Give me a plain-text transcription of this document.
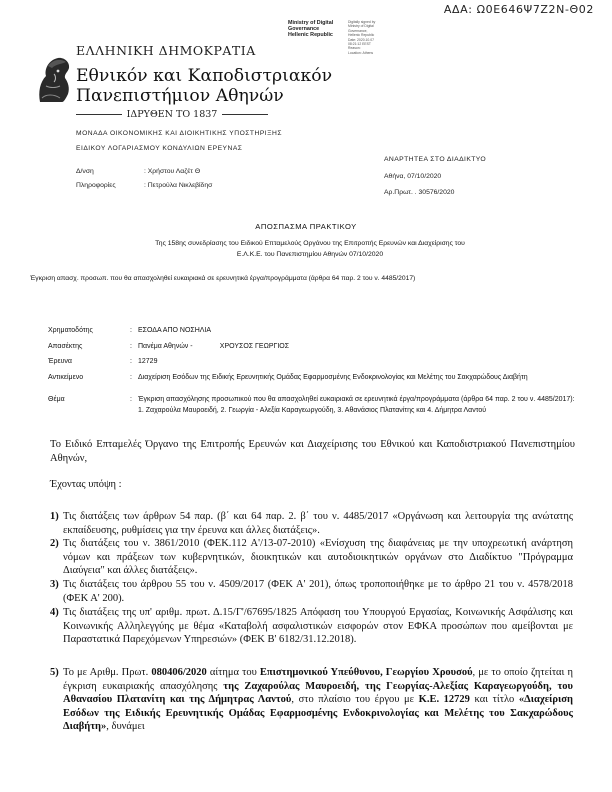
ΑΔΑ: Ω0Ε646Ψ7Ζ2Ν-Θ02
Ministry of Digital
Governance
Hellenic Republic
Digitally signed by
Ministry of Digital
Governance,
Hellenic Republic
Date: 2020.10.07
08:21:12 EEST
Reason:
Location: Athens
ΕΛΛΗΝΙΚΗ ΔΗΜΟΚΡΑΤΙΑ
Εθνικόν και Καποδιστριακόν
Πανεπιστήμιον Αθηνών
ΙΔΡΥΘΕΝ ΤΟ 1837
ΜΟΝΑΔΑ ΟΙΚΟΝΟΜΙΚΗΣ ΚΑΙ ΔΙΟΙΚΗΤΙΚΗΣ ΥΠΟΣΤΗΡΙΞΗΣ
ΕΙΔΙΚΟΥ ΛΟΓΑΡΙΑΣΜΟΥ ΚΟΝΔΥΛΙΩΝ ΕΡΕΥΝΑΣ
ΑΝΑΡΤΗΤΕΑ ΣΤΟ ΔΙΑΔΙΚΤΥΟ
Αθήνα, 07/10/2020
Αρ.Πρωτ. . 30576/2020
Δ/νση	: Χρήστου Λαζέτ Θ
Πληροφορίες	: Πετρούλα Νικλεβίδησ
ΑΠΟΣΠΑΣΜΑ ΠΡΑΚΤΙΚΟΥ
Της 158ης συνεδρίασης του Ειδικού Επταμελούς Οργάνου της Επιτροπής Ερευνών και Διαχείρισης του
Ε.Λ.Κ.Ε. του Πανεπιστημίου Αθηνών 07/10/2020
Έγκριση απασχ. προσωπ. που θα απασχοληθεί ευκαιριακά σε ερευνητικά έργα/προγράμματα (άρθρα 64 παρ. 2 του ν. 4485/2017)
Χρηματοδότης	: ΕΣΟΔΑ ΑΠΟ ΝΟΣΗΛΙΑ
Απασέκτης	: Πανέμα Αθηνών -              ΧΡΟΥΣΟΣ ΓΕΩΡΓΙΟΣ
Έρευνα	: 12729
Αντικείμενο	: Διαχείριση Εσόδων της Ειδικής Ερευνητικής Ομάδας Εφαρμοσμένης Ενδοκρινολογίας και Μελέτης του Σακχαρώδους Διαβήτη
Θέμα	: Έγκριση απασχόλησης προσωπικού που θα απασχοληθεί ευκαιριακά σε ερευνητικά έργα/προγράμματα (άρθρα 64 παρ. 2 του ν. 4485/2017): 1. Ζαχαρούλα Μαυροειδή, 2. Γεωργία - Αλεξία Καραγεωργούδη, 3. Αθανάσιος Πλατανίτης και 4. Δήμητρα Λαντού
Το Ειδικό Επταμελές Όργανο της Επιτροπής Ερευνών και Διαχείρισης του Εθνικού και Καποδιστριακού Πανεπιστημίου Αθηνών,
Έχοντας υπόψη :
1) Τις διατάξεις των άρθρων 54 παρ. (β΄ και 64 παρ. 2. β΄ του ν. 4485/2017 «Οργάνωση και λειτουργία της ανώτατης εκπαίδευσης, ρυθμίσεις για την έρευνα και άλλες διατάξεις».
2) Τις διατάξεις του ν. 3861/2010 (ΦΕΚ.112 Α'/13-07-2010) «Ενίσχυση της διαφάνειας με την υποχρεωτική ανάρτηση νόμων και πράξεων των κυβερνητικών, διοικητικών και αυτοδιοικητικών οργάνων στο Διαδίκτυο "Πρόγραμμα Διαύγεια" και άλλες διατάξεις».
3) Τις διατάξεις του άρθρου 55 του ν. 4509/2017 (ΦΕΚ Α' 201), όπως τροποποιήθηκε με το άρθρο 21 του ν. 4578/2018 (ΦΕΚ Α' 200).
4) Τις διατάξεις της υπ' αριθμ. πρωτ. Δ.15/Γ'/67695/1825 Απόφαση του Υπουργού Εργασίας, Κοινωνικής Ασφάλισης και Κοινωνικής Αλληλεγγύης με θέμα «Καταβολή ασφαλιστικών εισφορών στον ΕΦΚΑ προσώπων που αμείβονται με Παραστατικά Παρεχόμενων Υπηρεσιών» (ΦΕΚ Β' 6182/31.12.2018).
5) Το με Αριθμ. Πρωτ. 080406/2020 αίτημα του Επιστημονικού Υπεύθυνου, Γεωργίου Χρουσού, με το οποίο ζητείται η έγκριση ευκαιριακής απασχόλησης της Ζαχαρούλας Μαυροειδή, της Γεωργίας-Αλεξίας Καραγεωργούδη, του Αθανασίου Πλατανίτη και της Δήμητρας Λαντού, στο πλαίσιο του έργου με Κ.Ε. 12729 και τίτλο «Διαχείριση Εσόδων της Ειδικής Ερευνητικής Ομάδας Εφαρμοσμένης Ενδοκρινολογίας και Μελέτης του Σακχαρώδους Διαβήτη», δυνάμει
